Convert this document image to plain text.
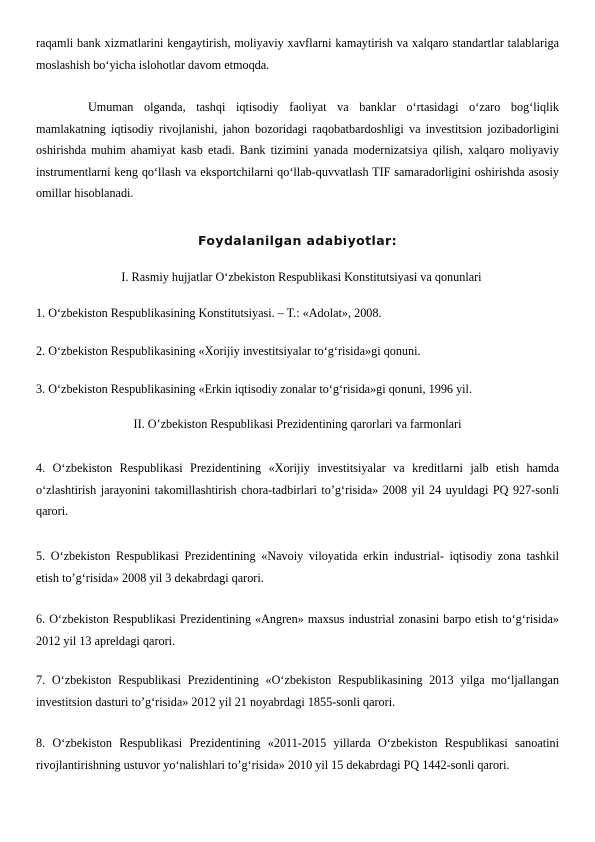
raqamli bank xizmatlarini kengaytirish, moliyaviy xavflarni kamaytirish va xalqaro standartlar talablariga moslashish bo‘yicha islohotlar davom etmoqda.

Umuman olganda, tashqi iqtisodiy faoliyat va banklar o‘rtasidagi o‘zaro bog‘liqlik mamlakatning iqtisodiy rivojlanishi, jahon bozoridagi raqobatbardoshligi va investitsion jozibadorligini oshirishda muhim ahamiyat kasb etadi. Bank tizimini yanada modernizatsiya qilish, xalqaro moliyaviy instrumentlarni keng qo‘llash va eksportchilarni qo‘llab-quvvatlash TIF samaradorligini oshirishda asosiy omillar hisoblanadi.

Foydalanilgan adabiyotlar:
I. Rasmiy hujjatlar O‘zbekiston Respublikasi Konstitutsiyasi va qonunlari
1. O‘zbekiston Respublikasining Konstitutsiyasi. – T.: «Adolat», 2008.
2. O‘zbekiston Respublikasining «Xorijiy investitsiyalar to‘g‘risida»gi qonuni.
3. O‘zbekiston Respublikasining «Erkin iqtisodiy zonalar to‘g‘risida»gi qonuni, 1996 yil.
II. O’zbekiston Respublikasi Prezidentining qarorlari va farmonlari

4. O‘zbekiston Respublikasi Prezidentining «Xorijiy investitsiyalar va kreditlarni jalb etish hamda o‘zlashtirish jarayonini takomillashtirish chora-tadbirlari to’g‘risida» 2008 yil 24 uyuldagi PQ 927-sonli qarori.

5. O‘zbekiston Respublikasi Prezidentining «Navoiy viloyatida erkin industrial- iqtisodiy zona tashkil etish to’g‘risida» 2008 yil 3 dekabrdagi qarori.

6. O‘zbekiston Respublikasi Prezidentining «Angren» maxsus industrial zonasini barpo etish to‘g‘risida» 2012 yil 13 apreldagi qarori.

7. O‘zbekiston Respublikasi Prezidentining «O‘zbekiston Respublikasining 2013 yilga mo‘ljallangan investitsion dasturi to’g‘risida» 2012 yil 21 noyabrdagi 1855-sonli qarori.

8. O‘zbekiston Respublikasi Prezidentining «2011-2015 yillarda O‘zbekiston Respublikasi sanoatini rivojlantirishning ustuvor yo‘nalishlari to’g‘risida» 2010 yil 15 dekabrdagi PQ 1442-sonli qarori.
